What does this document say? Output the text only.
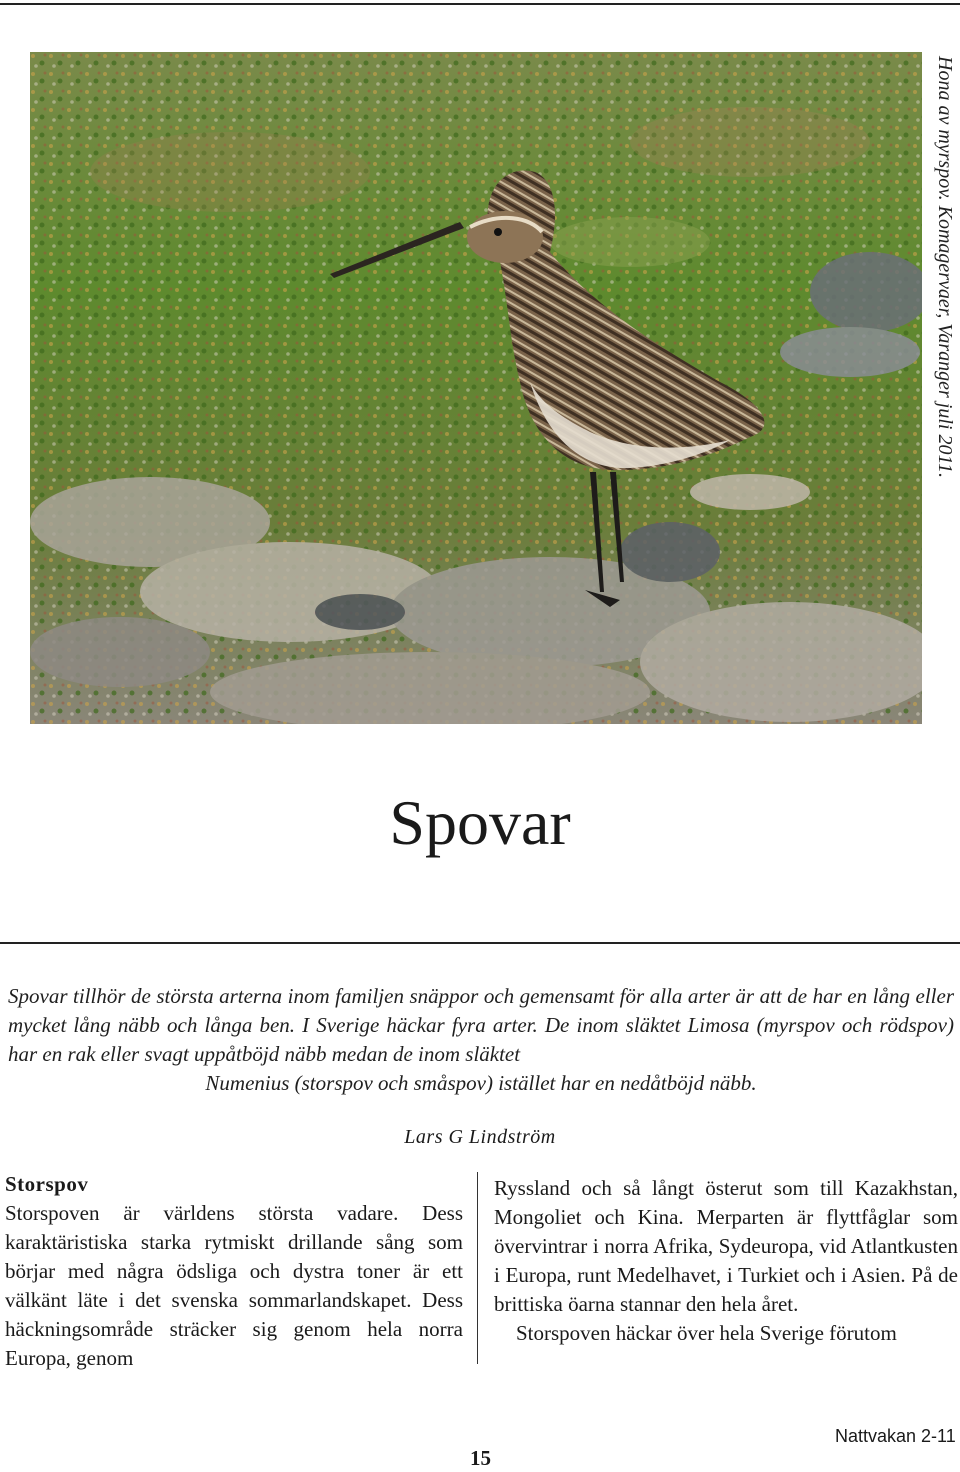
Hona av myrspov. Komagervaer, Varanger juli 2011.
Spovar
Spovar tillhör de största arterna inom familjen snäppor och gemensamt för alla arter är att de har en lång eller mycket lång näbb och långa ben. I Sverige häckar fyra arter. De inom släktet Limosa (myrspov och rödspov) har en rak eller svagt uppåtböjd näbb medan de inom släktet
Numenius (storspov och småspov) istället har en nedåtböjd näbb.
Lars G Lindström
Storspov

Storspoven är världens största vadare. Dess karaktäristiska starka rytmiskt drillande sång som börjar med några ödsliga och dystra toner är ett välkänt läte i det svenska sommarlandskapet. Dess häckningsområde sträcker sig genom hela norra Europa, genom

Ryssland och så långt österut som till Kazakhstan, Mongoliet och Kina. Merparten är flyttfåglar som övervintrar i norra Afrika, Sydeuropa, vid Atlantkusten i Europa, runt Medelhavet, i Turkiet och i Asien. På de brittiska öarna stannar den hela året.

Storspoven häckar över hela Sverige förutom

15
Nattvakan 2-11
